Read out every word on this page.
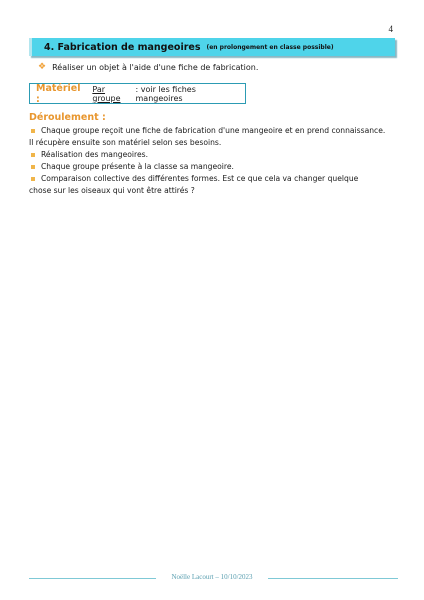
4
4. Fabrication de mangeoires (en prolongement en classe possible)
❖ Réaliser un objet à l'aide d'une fiche de fabrication.
Matériel :
Par groupe
: voir les fiches mangeoires
Déroulement :

Chaque groupe reçoit une fiche de fabrication d'une mangeoire et en prend connaissance.
Il récupère ensuite son matériel selon ses besoins.

Réalisation des mangeoires.

Chaque groupe présente à la classe sa mangeoire.

Comparaison collective des différentes formes. Est ce que cela va changer quelque
chose sur les oiseaux qui vont être attirés ?

Noëlle Lacourt – 10/10/2023
